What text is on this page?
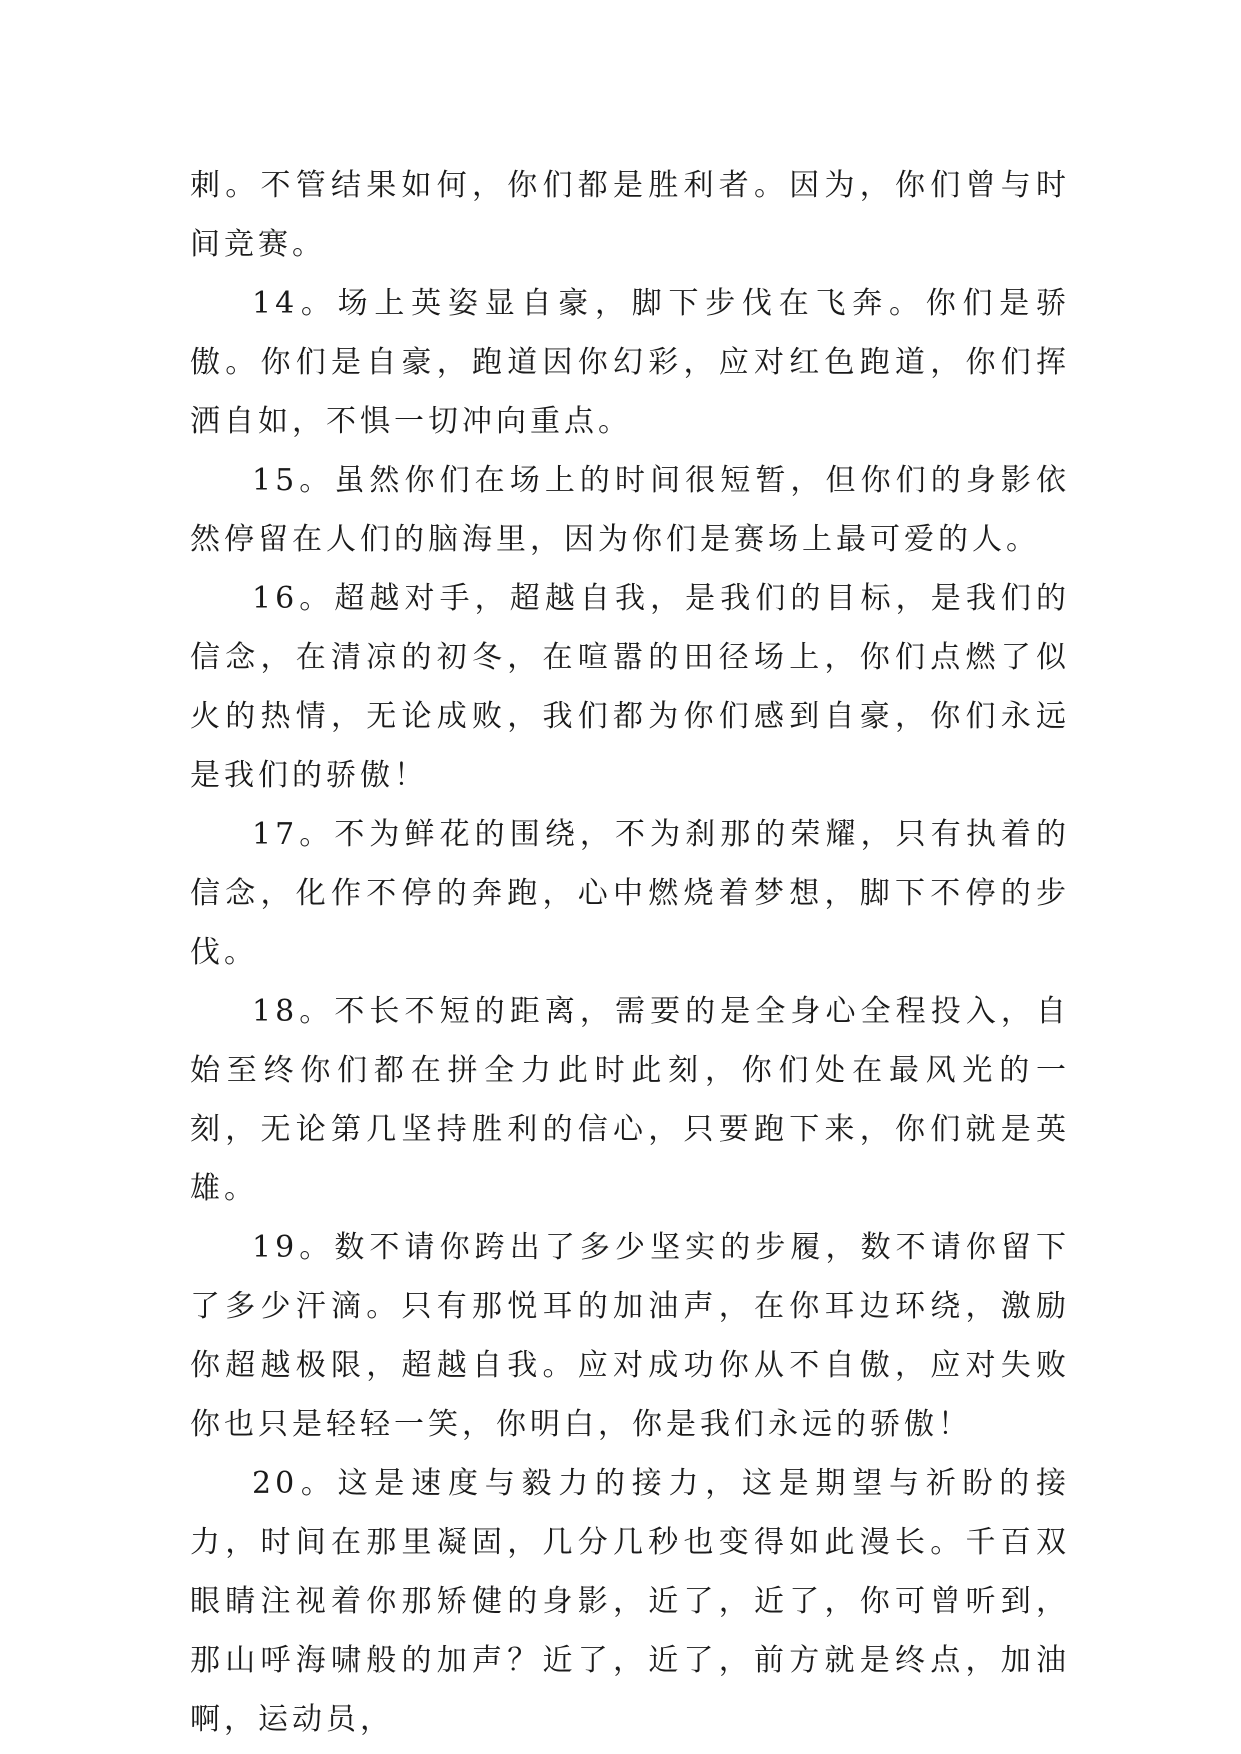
刺。不管结果如何，你们都是胜利者。因为，你们曾与时间竞赛。

14。场上英姿显自豪，脚下步伐在飞奔。你们是骄傲。你们是自豪，跑道因你幻彩，应对红色跑道，你们挥洒自如，不惧一切冲向重点。

15。虽然你们在场上的时间很短暂，但你们的身影依然停留在人们的脑海里，因为你们是赛场上最可爱的人。

16。超越对手，超越自我，是我们的目标，是我们的信念，在清凉的初冬，在喧嚣的田径场上，你们点燃了似火的热情，无论成败，我们都为你们感到自豪，你们永远是我们的骄傲！

17。不为鲜花的围绕，不为刹那的荣耀，只有执着的信念，化作不停的奔跑，心中燃烧着梦想，脚下不停的步伐。

18。不长不短的距离，需要的是全身心全程投入，自始至终你们都在拼全力此时此刻，你们处在最风光的一刻，无论第几坚持胜利的信心，只要跑下来，你们就是英雄。

19。数不请你跨出了多少坚实的步履，数不请你留下了多少汗滴。只有那悦耳的加油声，在你耳边环绕，激励你超越极限，超越自我。应对成功你从不自傲，应对失败你也只是轻轻一笑，你明白，你是我们永远的骄傲！

20。这是速度与毅力的接力，这是期望与祈盼的接力，时间在那里凝固，几分几秒也变得如此漫长。千百双眼睛注视着你那矫健的身影，近了，近了，你可曾听到，那山呼海啸般的加声？近了，近了，前方就是终点，加油啊，运动员，
